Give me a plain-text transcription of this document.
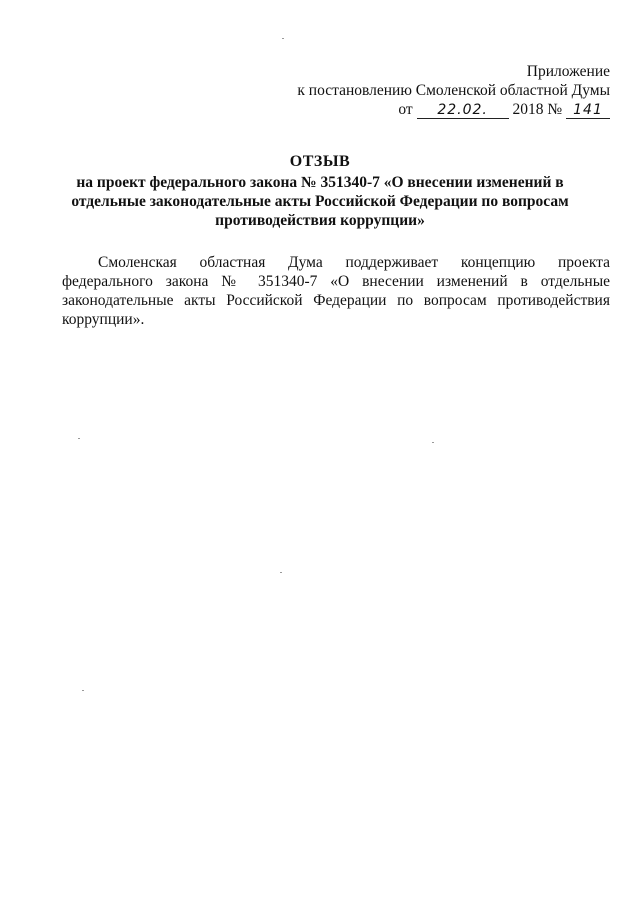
Приложение
к постановлению Смоленской областной Думы
от 22.02. 2018 № 141
ОТЗЫВ
на проект федерального закона № 351340-7 «О внесении изменений в
отдельные законодательные акты Российской Федерации по вопросам
противодействия коррупции»

Смоленская областная Дума поддерживает концепцию проекта федерального закона № 351340-7 «О внесении изменений в отдельные законодательные акты Российской Федерации по вопросам противодействия коррупции».
